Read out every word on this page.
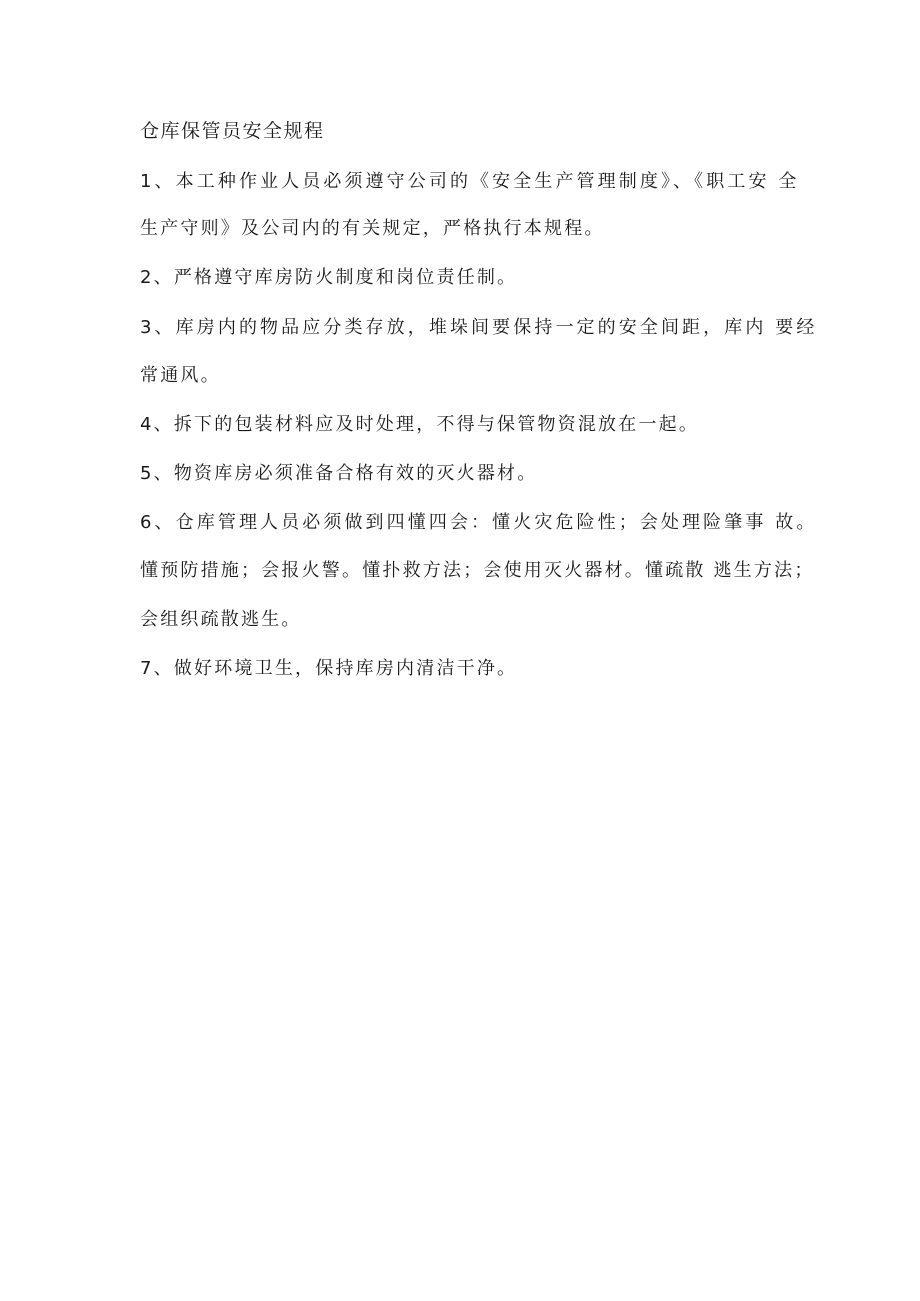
仓库保管员安全规程
1、本工种作业人员必须遵守公司的《安全生产管理制度》、《职工安 全
生产守则》及公司内的有关规定，严格执行本规程。
2、严格遵守库房防火制度和岗位责任制。
3、库房内的物品应分类存放，堆垛间要保持一定的安全间距，库内 要经
常通风。
4、拆下的包装材料应及时处理，不得与保管物资混放在一起。
5、物资库房必须准备合格有效的灭火器材。
6、仓库管理人员必须做到四懂四会：懂火灾危险性；会处理险肇事 故。
懂预防措施；会报火警。懂扑救方法；会使用灭火器材。懂疏散 逃生方法；
会组织疏散逃生。
7、做好环境卫生，保持库房内清洁干净。
